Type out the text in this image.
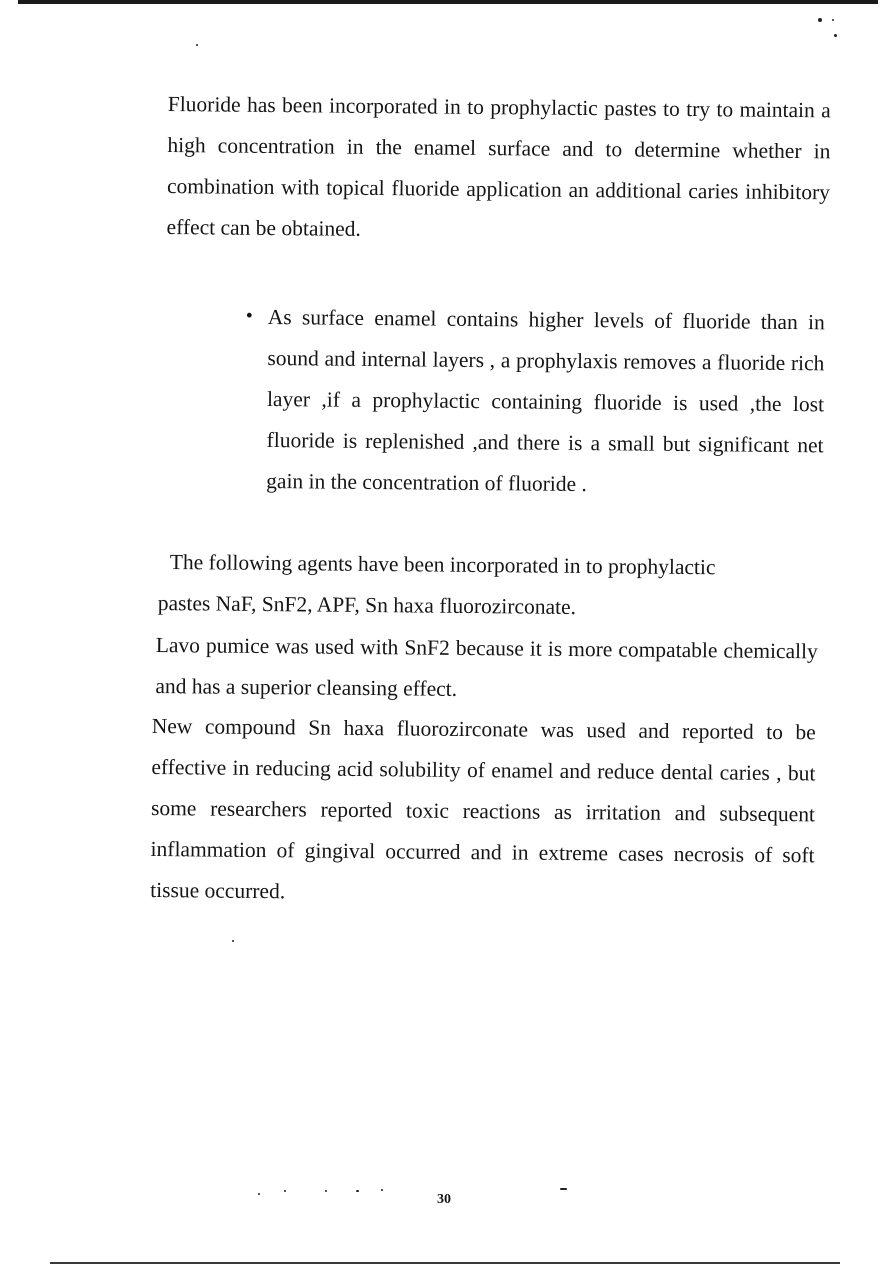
Fluoride has been incorporated in to prophylactic pastes to try to maintain a high concentration in the enamel surface and to determine whether in combination with topical fluoride application an additional caries inhibitory effect can be obtained.

• As surface enamel contains higher levels of fluoride than in sound and internal layers , a prophylaxis removes a fluoride rich layer ,if a prophylactic containing fluoride is used ,the lost fluoride is replenished ,and there is a small but significant net gain in the concentration of fluoride .

The following agents have been incorporated in to prophylactic

pastes NaF, SnF2, APF, Sn haxa fluorozirconate.

Lavo pumice was used with SnF2 because it is more compatable chemically and has a superior cleansing effect.

New compound Sn haxa fluorozirconate was used and reported to be effective in reducing acid solubility of enamel and reduce dental caries , but some researchers reported toxic reactions as irritation and subsequent inflammation of gingival occurred and in extreme cases necrosis of soft tissue occurred.

30
